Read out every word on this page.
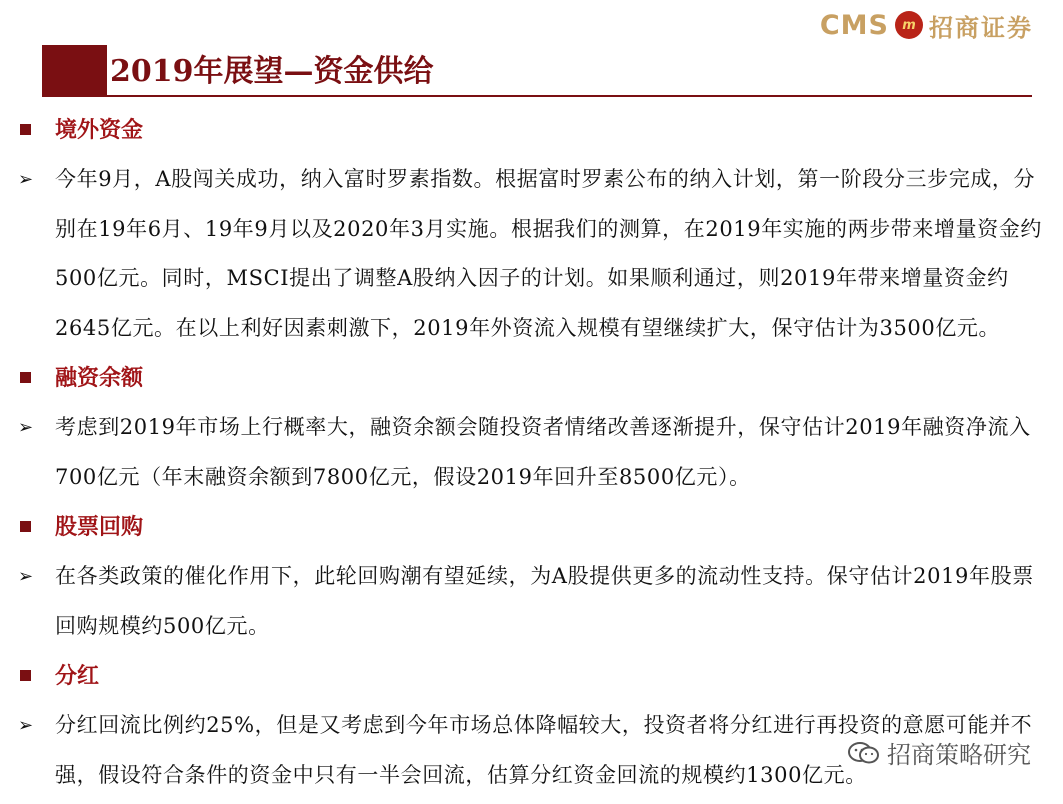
CMS	m 招商证券
2019年展望—资金供给
境外资金
➢ 今年9月，A股闯关成功，纳入富时罗素指数。根据富时罗素公布的纳入计划，第一阶段分三步完成，分别在19年6月、19年9月以及2020年3月实施。根据我们的测算，在2019年实施的两步带来增量资金约500亿元。同时，MSCI提出了调整A股纳入因子的计划。如果顺利通过，则2019年带来增量资金约2645亿元。在以上利好因素刺激下，2019年外资流入规模有望继续扩大，保守估计为3500亿元。
融资余额
➢ 考虑到2019年市场上行概率大，融资余额会随投资者情绪改善逐渐提升，保守估计2019年融资净流入700亿元（年末融资余额到7800亿元，假设2019年回升至8500亿元）。
股票回购
➢ 在各类政策的催化作用下，此轮回购潮有望延续，为A股提供更多的流动性支持。保守估计2019年股票回购规模约500亿元。
分红
➢ 分红回流比例约25%，但是又考虑到今年市场总体降幅较大，投资者将分红进行再投资的意愿可能并不强，假设符合条件的资金中只有一半会回流，估算分红资金回流的规模约1300亿元。
招商策略研究
